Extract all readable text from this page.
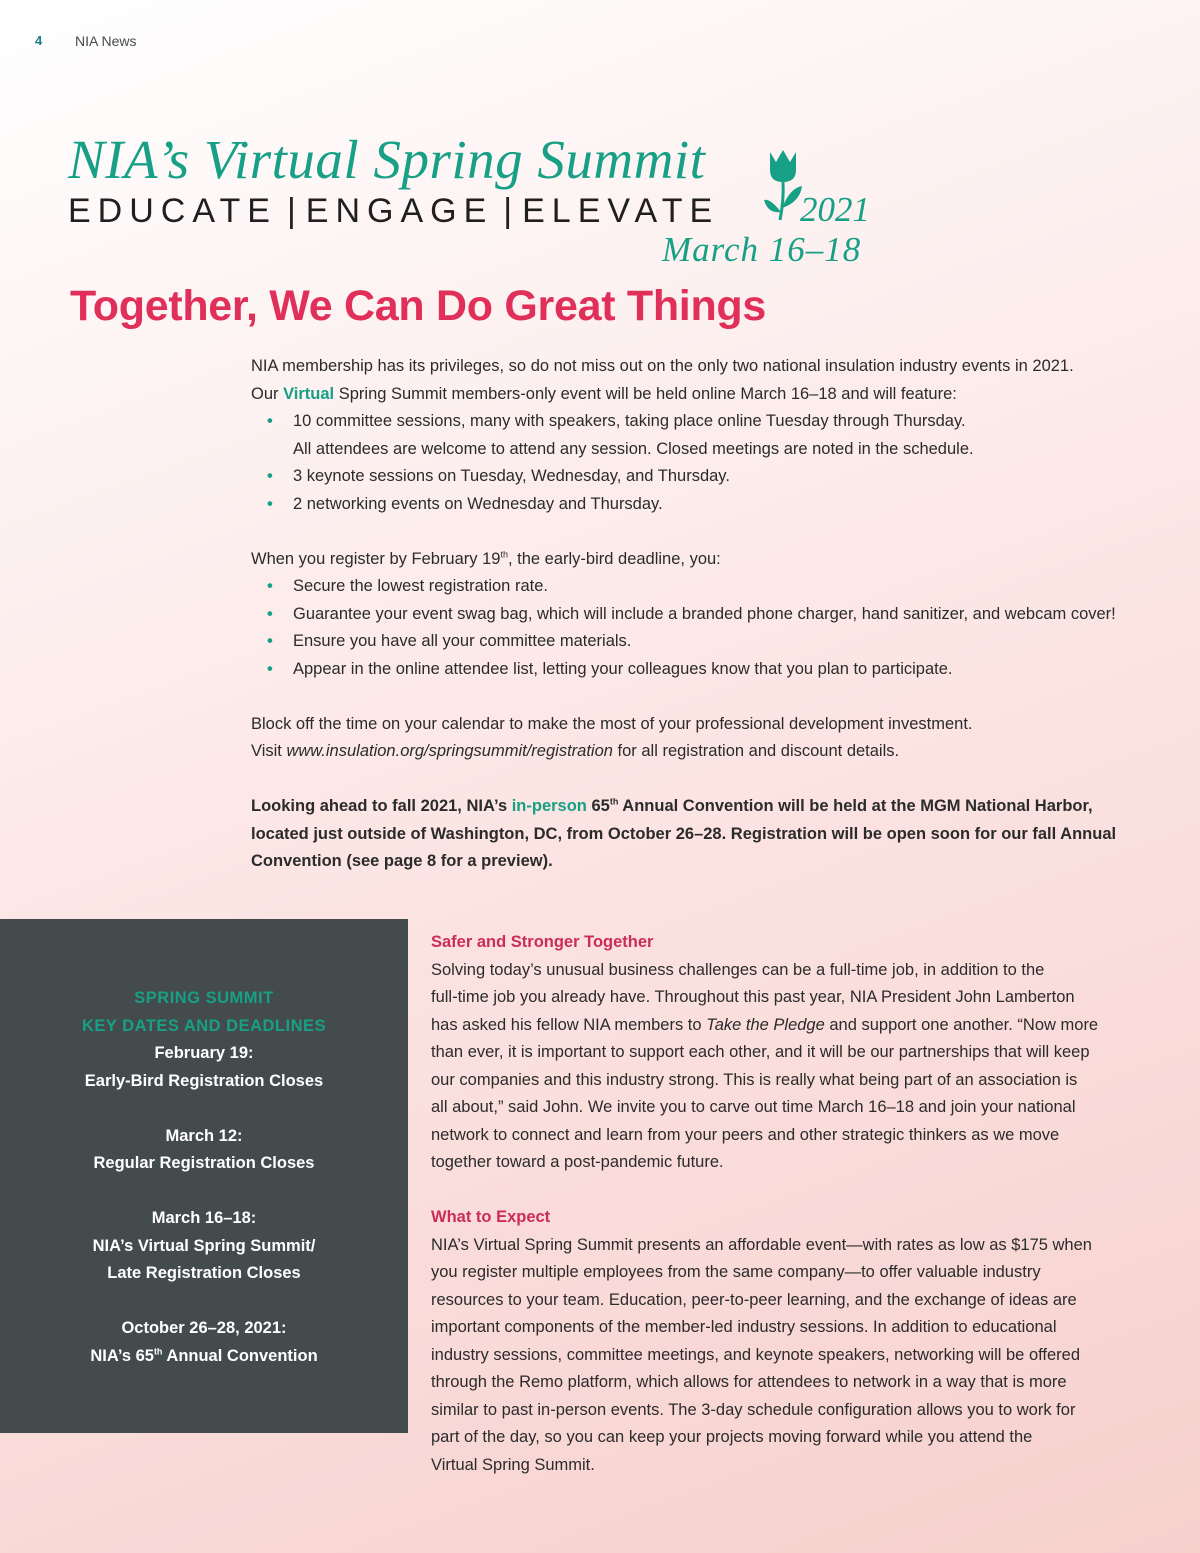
4 NIA News
NIA’s Virtual Spring Summit
EDUCATE | ENGAGE | ELEVATE 2021
March 16–18
Together, We Can Do Great Things

NIA membership has its privileges, so do not miss out on the only two national insulation industry events in 2021.

Our Virtual Spring Summit members-only event will be held online March 16–18 and will feature:

• 10 committee sessions, many with speakers, taking place online Tuesday through Thursday.
All attendees are welcome to attend any session. Closed meetings are noted in the schedule.
• 3 keynote sessions on Tuesday, Wednesday, and Thursday.
• 2 networking events on Wednesday and Thursday.

When you register by February 19th, the early-bird deadline, you:

• Secure the lowest registration rate.
• Guarantee your event swag bag, which will include a branded phone charger, hand sanitizer, and webcam cover!
• Ensure you have all your committee materials.
• Appear in the online attendee list, letting your colleagues know that you plan to participate.

Block off the time on your calendar to make the most of your professional development investment.

Visit www.insulation.org/springsummit/registration for all registration and discount details.

Looking ahead to fall 2021, NIA’s in-person 65th Annual Convention will be held at the MGM National Harbor,
located just outside of Washington, DC, from October 26–28. Registration will be open soon for our fall Annual
Convention (see page 8 for a preview).

SPRING SUMMIT
KEY DATES AND DEADLINES
February 19:
Early-Bird Registration Closes
March 12:
Regular Registration Closes
March 16–18:
NIA’s Virtual Spring Summit/
Late Registration Closes
October 26–28, 2021:
NIA’s 65th Annual Convention

Safer and Stronger Together

Solving today’s unusual business challenges can be a full-time job, in addition to the

full-time job you already have. Throughout this past year, NIA President John Lamberton

has asked his fellow NIA members to Take the Pledge and support one another. “Now more

than ever, it is important to support each other, and it will be our partnerships that will keep

our companies and this industry strong. This is really what being part of an association is

all about,” said John. We invite you to carve out time March 16–18 and join your national

network to connect and learn from your peers and other strategic thinkers as we move

together toward a post-pandemic future.

What to Expect

NIA’s Virtual Spring Summit presents an affordable event—with rates as low as $175 when

you register multiple employees from the same company—to offer valuable industry

resources to your team. Education, peer-to-peer learning, and the exchange of ideas are

important components of the member-led industry sessions. In addition to educational

industry sessions, committee meetings, and keynote speakers, networking will be offered

through the Remo platform, which allows for attendees to network in a way that is more

similar to past in-person events. The 3-day schedule configuration allows you to work for

part of the day, so you can keep your projects moving forward while you attend the

Virtual Spring Summit.
